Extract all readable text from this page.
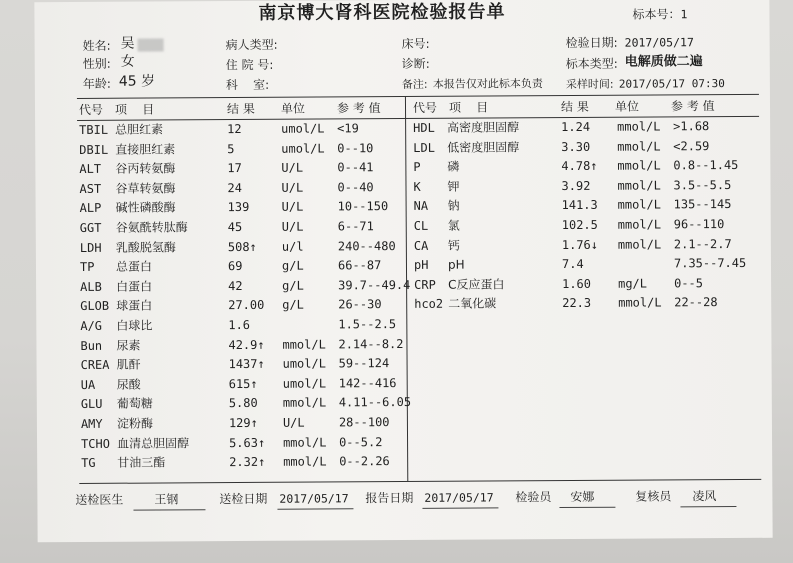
南京博大肾科医院检验报告单	标本号： 1
姓名: 吴
性别: 女
年龄: 45 岁
病人类型:
住 院 号:
科    室:
床号:
诊断:
备注: 本报告仅对此标本负责
检验日期: 2017/05/17
标本类型: 电解质做二遍
采样时间: 2017/05/17 07:30
代号 项    目	结 果 单位	参 考 值	代号 项    目	结 果 单位	参 考 值
TBIL 总胆红素	12	umol/L <19
DBIL 直接胆红素	5	umol/L 0--10
ALT 谷丙转氨酶	17	U/L	0--41
AST 谷草转氨酶	24	U/L	0--40
ALP 碱性磷酸酶	139	U/L	10--150
GGT 谷氨酰转肽酶	45	U/L	6--71
LDH 乳酸脱氢酶	508↑ u/l	240--480
TP 总蛋白	69	g/L	66--87
ALB 白蛋白	42	g/L	39.7--49.4
GLOB 球蛋白	27.00 g/L	26--30
A/G 白球比	1.6	1.5--2.5
Bun 尿素	42.9↑ mmol/L 2.14--8.2
CREA 肌酐	1437↑ umol/L 59--124
UA 尿酸	615↑ umol/L 142--416
GLU 葡萄糖	5.80 mmol/L 4.11--6.05
AMY 淀粉酶	129↑ U/L	28--100
TCHO 血清总胆固醇	5.63↑ mmol/L 0--5.2
TG 甘油三酯	2.32↑ mmol/L 0--2.26
HDL 高密度胆固醇	1.24 mmol/L >1.68
LDL 低密度胆固醇	3.30 mmol/L <2.59
P 磷	4.78↑ mmol/L 0.8--1.45
K 钾	3.92 mmol/L 3.5--5.5
NA 钠	141.3 mmol/L 135--145
CL 氯	102.5 mmol/L 96--110
CA 钙	1.76↓ mmol/L 2.1--2.7
pH pH	7.4	7.35--7.45
CRP C反应蛋白	1.60 mg/L 0--5
hco2 二氧化碳	22.3 mmol/L 22--28
送检医生	王钢	送检日期 2017/05/17 报告日期 2017/05/17 检验员 安娜	复核员 凌风
